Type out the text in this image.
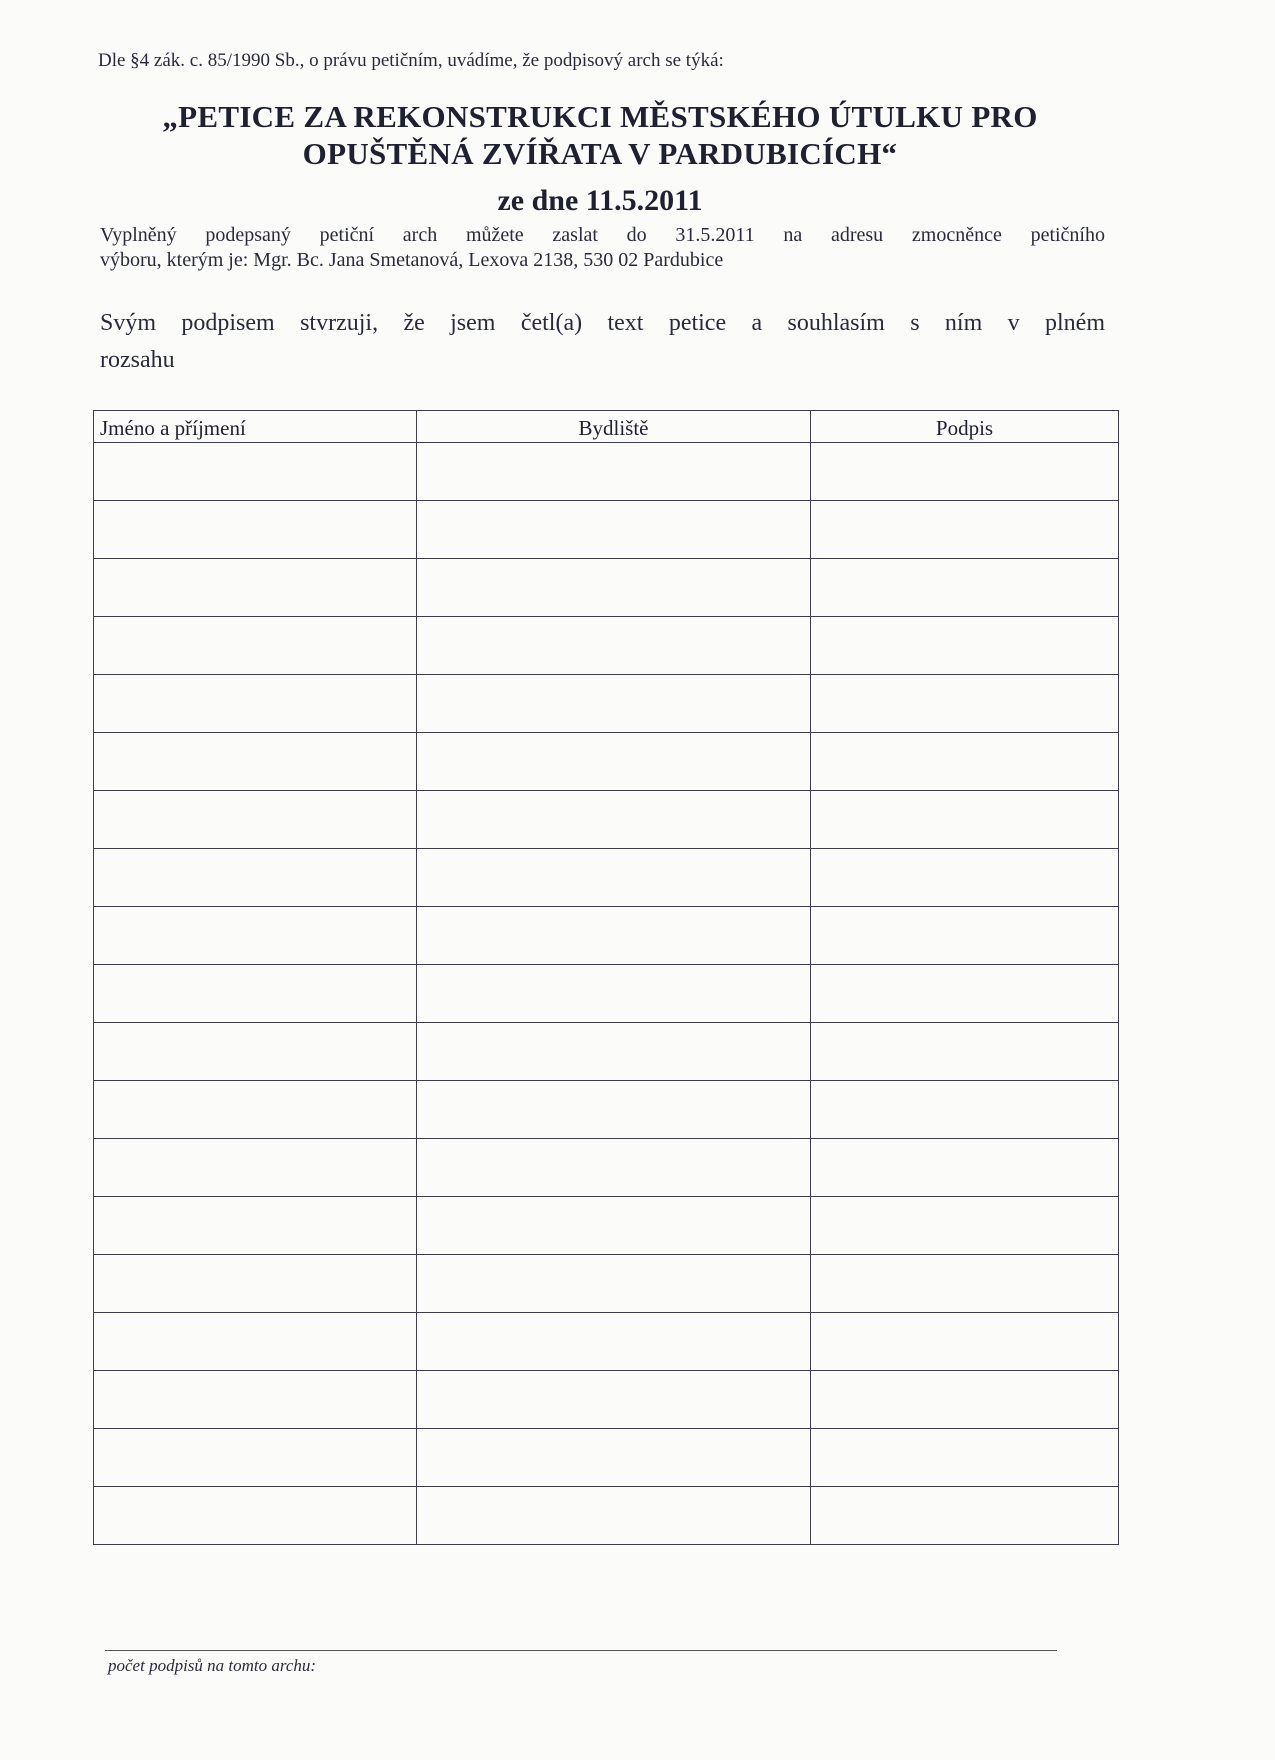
Dle §4 zák. c. 85/1990 Sb., o právu petičním, uvádíme, že podpisový arch se týká:
„PETICE ZA REKONSTRUKCI MĚSTSKÉHO ÚTULKU PRO
OPUŠTĚNÁ ZVÍŘATA V PARDUBICÍCH“
ze dne 11.5.2011
Vyplněný podepsaný petiční arch můžete zaslat do 31.5.2011 na adresu zmocněnce petičního
výboru, kterým je: Mgr. Bc. Jana Smetanová, Lexova 2138, 530 02 Pardubice
Svým podpisem stvrzuji, že jsem četl(a) text petice a souhlasím s ním v plném
rozsahu
Jméno a příjmení	Bydliště	Podpis

počet podpisů na tomto archu:
